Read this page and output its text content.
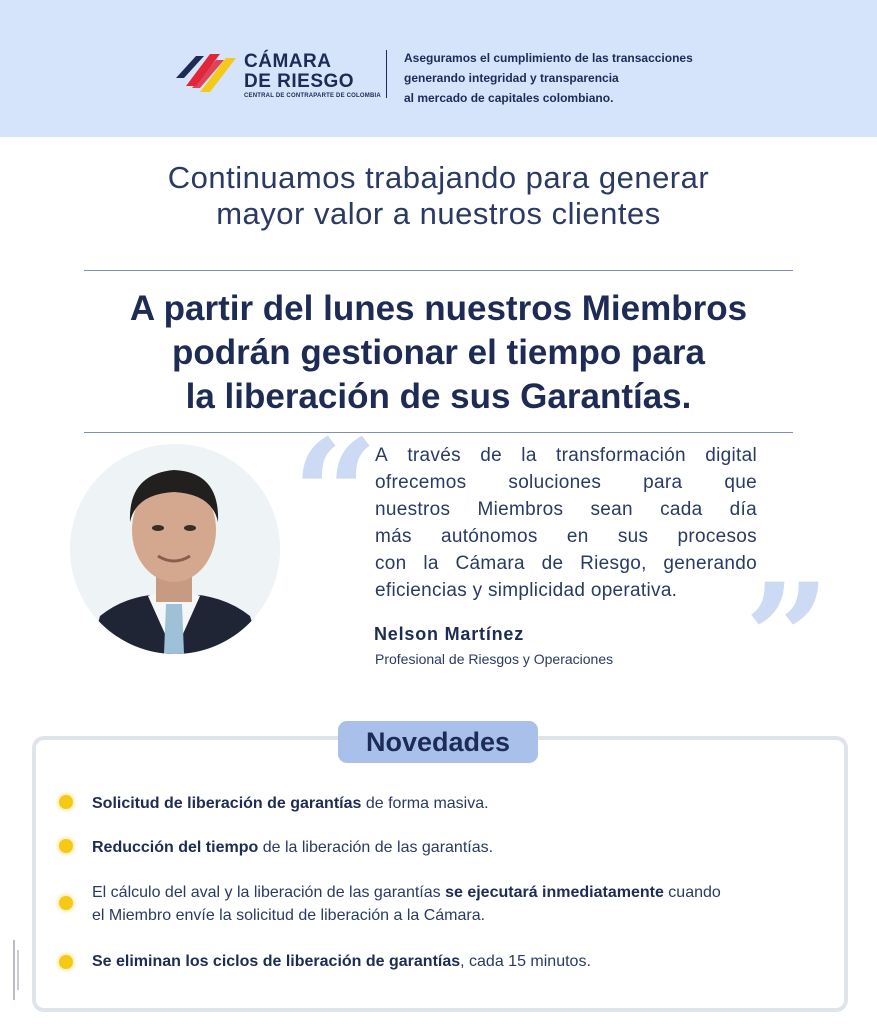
CÁMARA
DE RIESGO
CENTRAL DE CONTRAPARTE DE COLOMBIA
Aseguramos el cumplimiento de las transacciones
generando integridad y transparencia
al mercado de capitales colombiano.
Continuamos trabajando para generar
mayor valor a nuestros clientes
A partir del lunes nuestros Miembros
podrán gestionar el tiempo para
la liberación de sus Garantías.
“
A través de la transformación digital
ofrecemos soluciones para que
nuestros Miembros sean cada día
más autónomos en sus procesos
con la Cámara de Riesgo, generando
eficiencias y simplicidad operativa. ”
Nelson Martínez
Profesional de Riesgos y Operaciones
Novedades
Solicitud de liberación de garantías de forma masiva.
Reducción del tiempo de la liberación de las garantías.
El cálculo del aval y la liberación de las garantías se ejecutará inmediatamente cuando
el Miembro envíe la solicitud de liberación a la Cámara.
Se eliminan los ciclos de liberación de garantías, cada 15 minutos.
